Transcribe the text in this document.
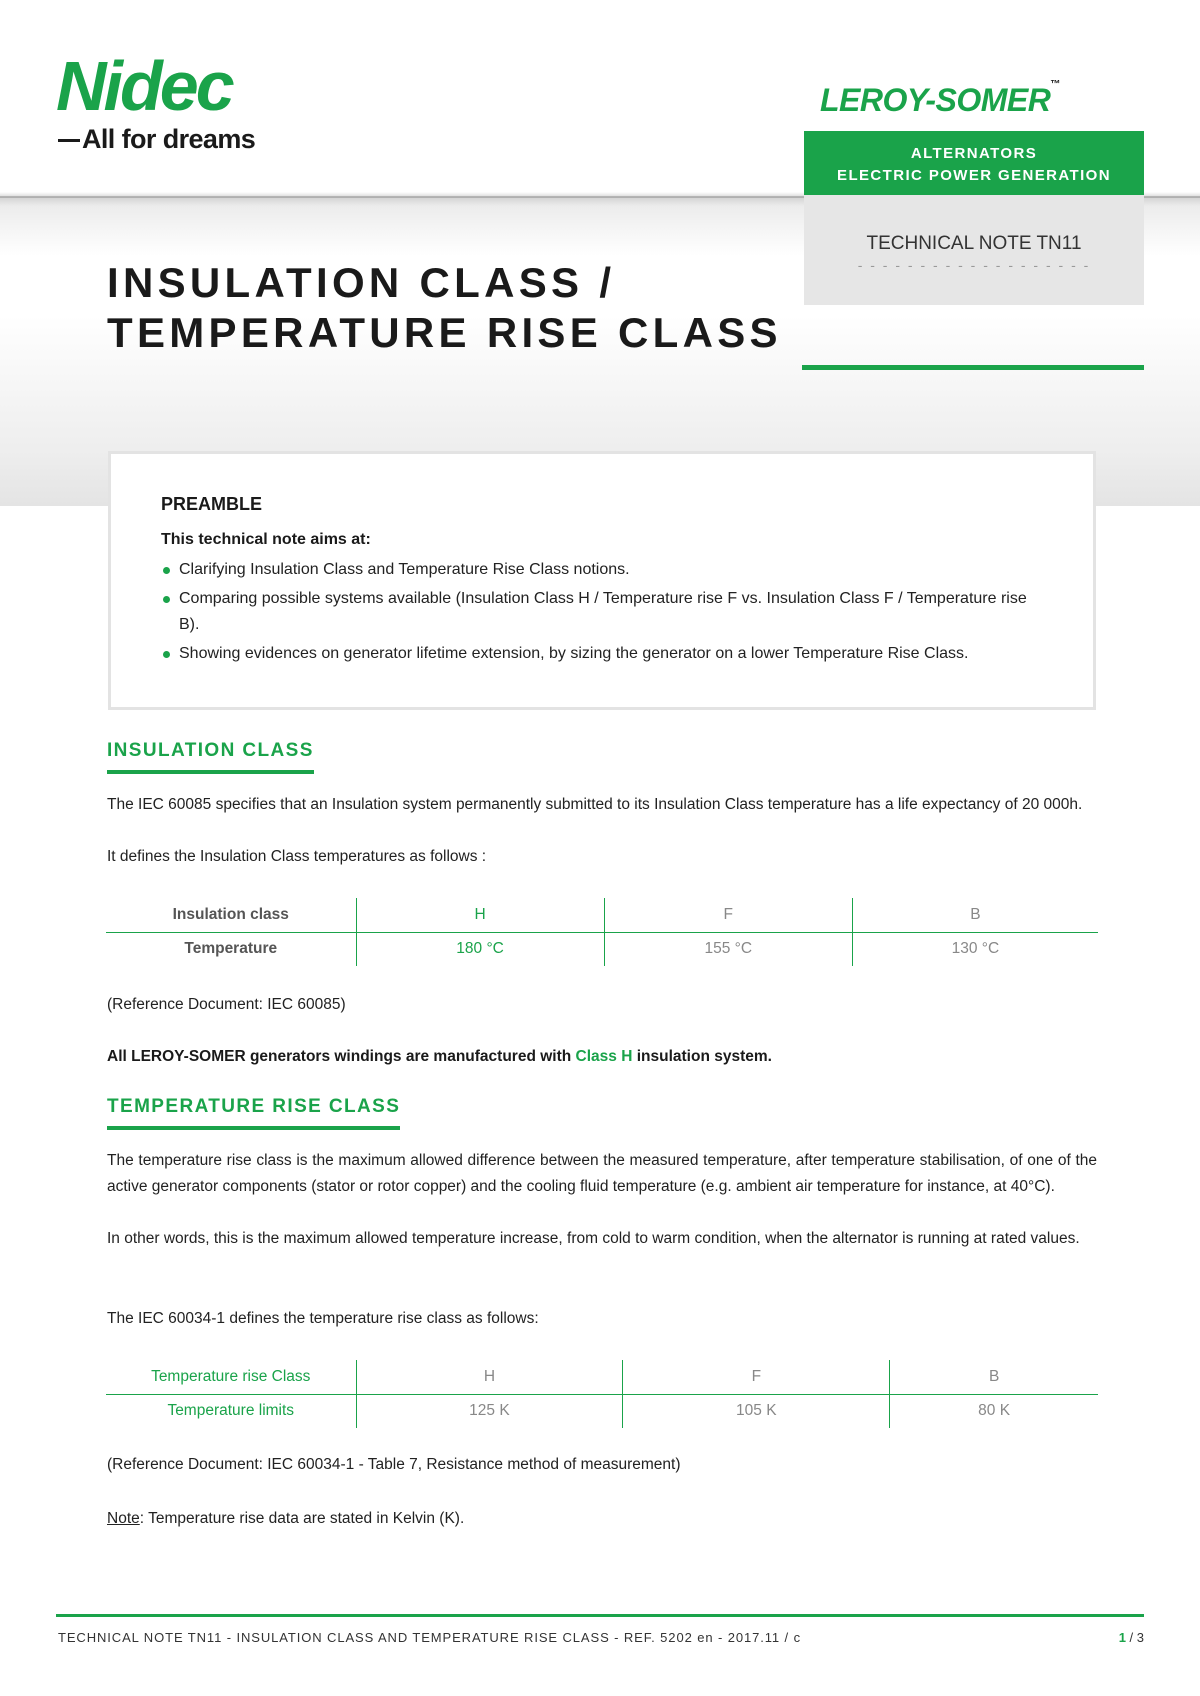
Nidec
All for dreams
LEROY-SOMER™
ALTERNATORS
ELECTRIC POWER GENERATION
TECHNICAL NOTE TN11
- - - - - - - - - - - - - - - - - - -
INSULATION CLASS /
TEMPERATURE RISE CLASS
PREAMBLE
This technical note aims at:
Clarifying Insulation Class and Temperature Rise Class notions.
Comparing possible systems available (Insulation Class H / Temperature rise F vs. Insulation Class F / Temperature rise B).
Showing evidences on generator lifetime extension, by sizing the generator on a lower Temperature Rise Class.
INSULATION CLASS
The IEC 60085 specifies that an Insulation system permanently submitted to its Insulation Class temperature has a life expectancy of 20 000h.
It defines the Insulation Class temperatures as follows :
Insulation class	H	F	B
Temperature	180 °C	155 °C	130 °C
(Reference Document: IEC 60085)
All LEROY-SOMER generators windings are manufactured with Class H insulation system.
TEMPERATURE RISE CLASS
The temperature rise class is the maximum allowed difference between the measured temperature, after temperature stabilisation, of one of the active generator components (stator or rotor copper) and the cooling fluid temperature (e.g. ambient air temperature for instance, at 40°C).
In other words, this is the maximum allowed temperature increase, from cold to warm condition, when the alternator is running at rated values.
The IEC 60034-1 defines the temperature rise class as follows:
Temperature rise Class	H	F	B
Temperature limits	125 K	105 K	80 K
(Reference Document: IEC 60034-1 - Table 7, Resistance method of measurement)
Note: Temperature rise data are stated in Kelvin (K).
TECHNICAL NOTE TN11 - INSULATION CLASS AND TEMPERATURE RISE CLASS - REF. 5202 en - 2017.11 / c	1 / 3
